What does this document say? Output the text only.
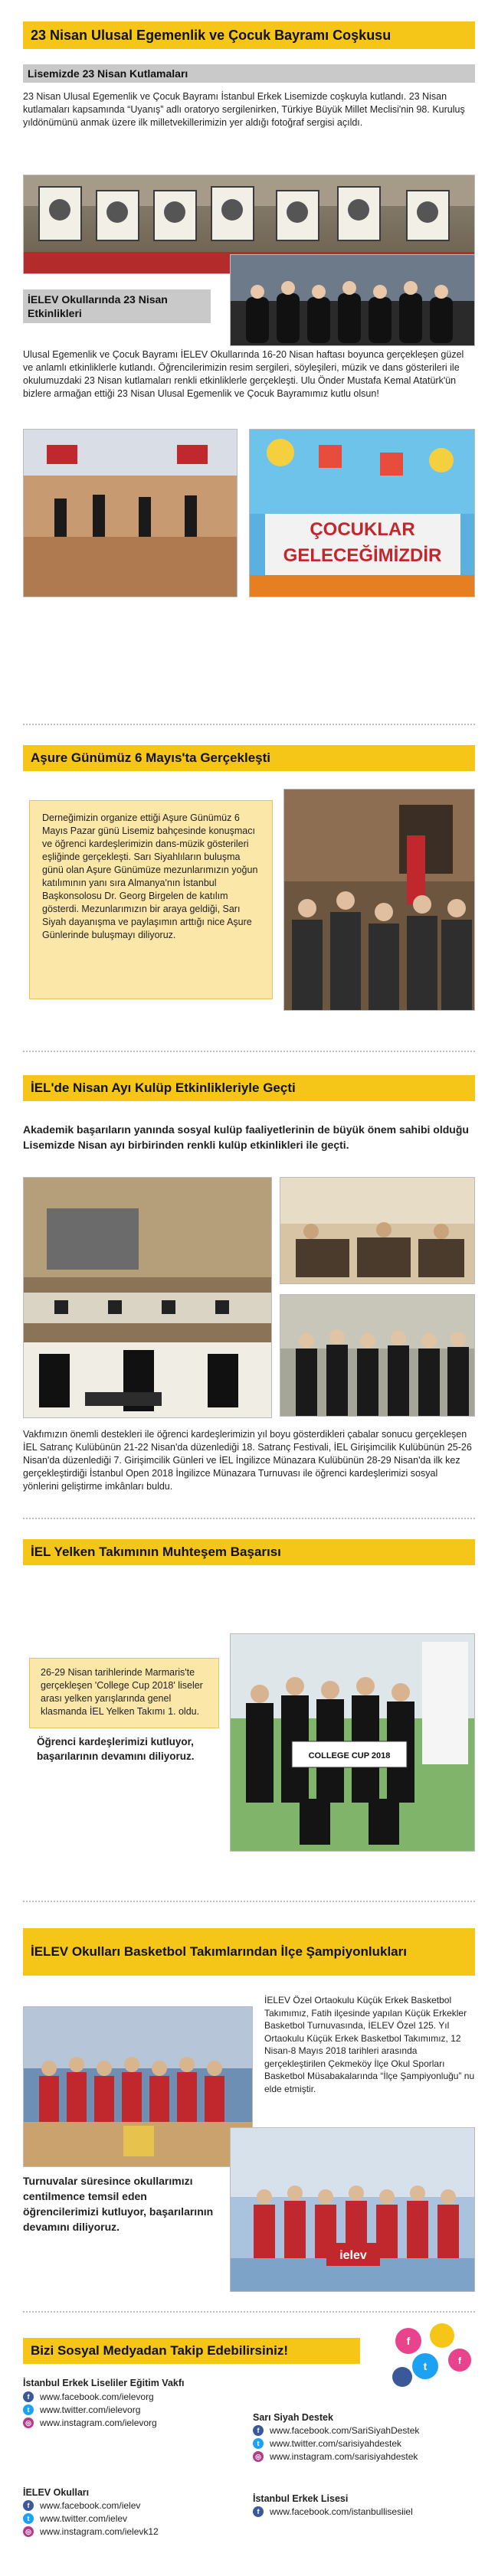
23 Nisan Ulusal Egemenlik ve Çocuk Bayramı Coşkusu
Lisemizde 23 Nisan Kutlamaları
23 Nisan Ulusal Egemenlik ve Çocuk Bayramı İstanbul Erkek Lisemizde coşkuyla kutlandı. 23 Nisan kutlamaları kapsamında “Uyanış” adlı oratoryo sergilenirken, Türkiye Büyük Millet Meclisi'nin 98. Kuruluş yıldönümünü anmak üzere ilk milletvekillerimizin yer aldığı fotoğraf sergisi açıldı.
İELEV Okullarında 23 Nisan Etkinlikleri
Ulusal Egemenlik ve Çocuk Bayramı İELEV Okullarında 16-20 Nisan haftası boyunca gerçekleşen güzel ve anlamlı etkinliklerle kutlandı. Öğrencilerimizin resim sergileri, söyleşileri, müzik ve dans gösterileri ile okulumuzdaki 23 Nisan kutlamaları renkli etkinliklerle gerçekleşti. Ulu Önder Mustafa Kemal Atatürk'ün bizlere armağan ettiği 23 Nisan Ulusal Egemenlik ve Çocuk Bayramımız kutlu olsun!
ÇOCUKLAR
GELECEĞİMİZDİR
Aşure Günümüz 6 Mayıs'ta Gerçekleşti
Derneğimizin organize ettiği Aşure Günümüz 6 Mayıs Pazar günü Lisemiz bahçesinde konuşmacı ve öğrenci kardeşlerimizin dans-müzik gösterileri eşliğinde gerçekleşti. Sarı Siyahlıların buluşma günü olan Aşure Günümüze mezunlarımızın yoğun katılımının yanı sıra Almanya'nın İstanbul Başkonsolosu Dr. Georg Birgelen de katılım gösterdi. Mezunlarımızın bir araya geldiği, Sarı Siyah dayanışma ve paylaşımın arttığı nice Aşure Günlerinde buluşmayı diliyoruz.
İEL'de Nisan Ayı Kulüp Etkinlikleriyle Geçti
Akademik başarıların yanında sosyal kulüp faaliyetlerinin de büyük önem sahibi olduğu Lisemizde Nisan ayı birbirinden renkli kulüp etkinlikleri ile geçti.
Vakfımızın önemli destekleri ile öğrenci kardeşlerimizin yıl boyu gösterdikleri çabalar sonucu gerçekleşen İEL Satranç Kulübünün 21-22 Nisan'da düzenlediği 18. Satranç Festivali, İEL Girişimcilik Kulübünün 25-26 Nisan'da düzenlediği 7. Girişimcilik Günleri ve İEL İngilizce Münazara Kulübünün 28-29 Nisan'da ilk kez gerçekleştirdiği İstanbul Open 2018 İngilizce Münazara Turnuvası ile öğrenci kardeşlerimizi sosyal yönlerini geliştirme imkânları buldu.
İEL Yelken Takımının Muhteşem Başarısı
26-29 Nisan tarihlerinde Marmaris'te gerçekleşen 'College Cup 2018' liseler arası yelken yarışlarında genel klasmanda İEL Yelken Takımı 1. oldu.
Öğrenci kardeşlerimizi kutluyor, başarılarının devamını diliyoruz.	COLLEGE CUP 2018
İELEV Okulları Basketbol Takımlarından İlçe Şampiyonlukları
İELEV Özel Ortaokulu Küçük Erkek Basketbol Takımımız, Fatih ilçesinde yapılan Küçük Erkekler Basketbol Turnuvasında, İELEV Özel 125. Yıl Ortaokulu Küçük Erkek Basketbol Takımımız, 12 Nisan-8 Mayıs 2018 tarihleri arasında gerçekleştirilen Çekmeköy İlçe Okul Sporları Basketbol Müsabakalarında “İlçe Şampiyonluğu” nu elde etmiştir.
Turnuvalar süresince okullarımızı centilmence temsil eden öğrencilerimizi kutluyor, başarılarının devamını diliyoruz.
ielev
Bizi Sosyal Medyadan Takip Edebilirsiniz!
f
t	f
İstanbul Erkek Liseliler Eğitim Vakfı
f	www.facebook.com/ielevorg
t	www.twitter.com/ielevorg
◎ www.instagram.com/ielevorg	Sarı Siyah Destek
f	www.facebook.com/SariSiyahDestek
t	www.twitter.com/sarisiyahdestek
◎ www.instagram.com/sarisiyahdestek
İELEV Okulları
f	www.facebook.com/ielev
t	www.twitter.com/ielev
◎ www.instagram.com/ielevk12
İstanbul Erkek Lisesi
f	www.facebook.com/istanbullisesiiel
